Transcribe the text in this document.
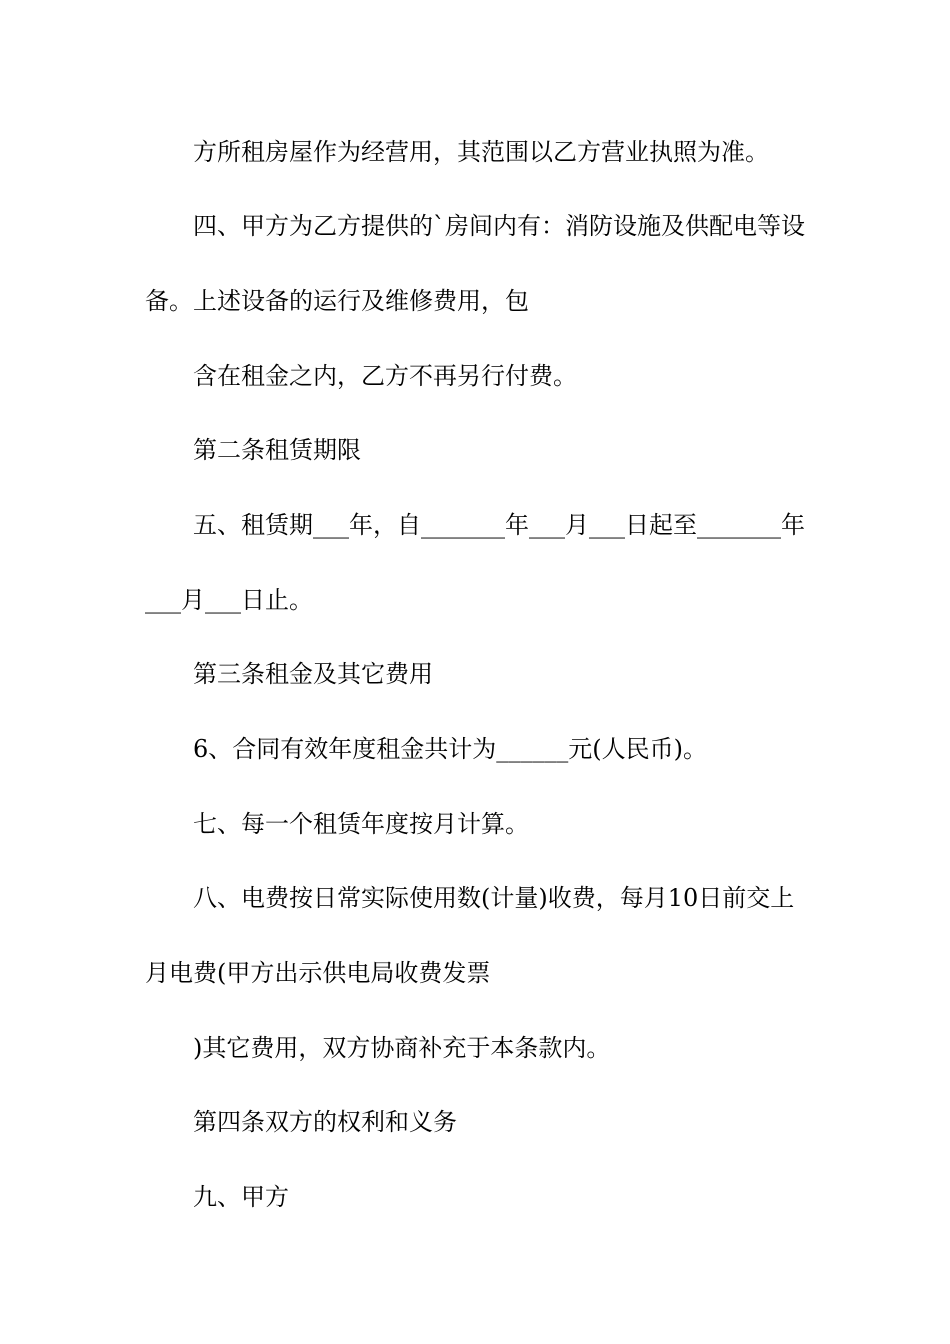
方所租房屋作为经营用，其范围以乙方营业执照为准。
四、甲方为乙方提供的`房间内有：消防设施及供配电等设
备。上述设备的运行及维修费用，包
含在租金之内，乙方不再另行付费。
第二条租赁期限
五、租赁期___年，自_______年___月___日起至_______年
___月___日止。
第三条租金及其它费用
6、合同有效年度租金共计为______元(人民币)。
七、每一个租赁年度按月计算。
八、电费按日常实际使用数(计量)收费，每月10日前交上
月电费(甲方出示供电局收费发票
)其它费用，双方协商补充于本条款内。
第四条双方的权利和义务
九、甲方
